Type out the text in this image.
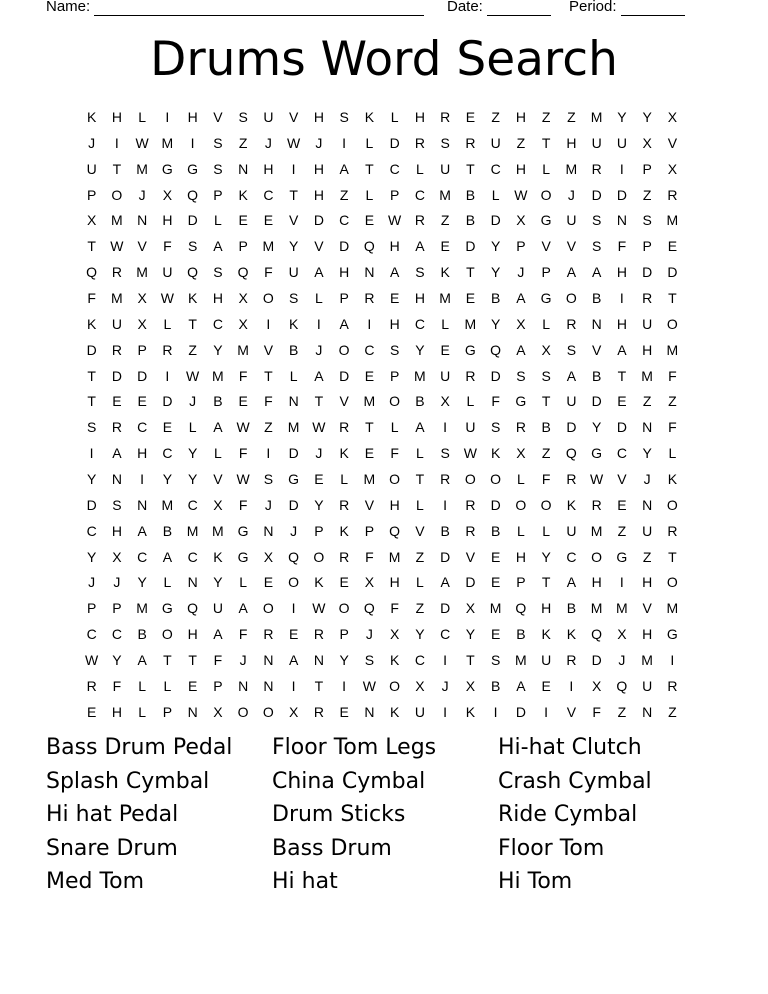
Name:	Date:	Period:
Drums Word Search
K	H	L	I	H	V	S	U	V	H	S	K	L	H	R	E	Z	H	Z	Z	M	Y	Y	X
J	I	W M	I	S	Z	J	W	J	I	L	D	R	S	R	U	Z	T	H	U	U	X	V
U	T	M G	G	S	N	H	I	H	A	T	C	L	U	T	C	H	L	M	R	I	P	X
P	O	J	X	Q	P	K	C	T	H	Z	L	P	C	M	B	L	W O	J	D	D	Z	R
X	M	N	H	D	L	E	E	V	D	C	E W R	Z	B	D	X	G	U	S	N	S	M
T	W V	F	S	A	P	M	Y	V	D	Q	H	A	E	D	Y	P	V	V	S	F	P	E
Q	R	M	U	Q	S	Q	F	U	A	H	N	A	S	K	T	Y	J	P	A	A	H	D	D
F	M	X W K	H	X	O	S	L	P	R	E	H	M	E	B	A	G	O	B	I	R	T
K	U	X	L	T	C	X	I	K	I	A	I	H	C	L	M	Y	X	L	R	N	H	U	O
D	R	P	R	Z	Y	M	V	B	J	O	C	S	Y	E	G	Q	A	X	S	V	A	H	M
T	D	D	I	W M	F	T	L	A	D	E	P	M	U	R	D	S	S	A	B	T	M	F
T	E	E	D	J	B	E	F	N	T	V	M O	B	X	L	F	G	T	U	D	E	Z	Z
S	R	C	E	L	A W	Z	M W R	T	L	A	I	U	S	R	B	D	Y	D	N	F
I	A	H	C	Y	L	F	I	D	J	K	E	F	L	S W K	X	Z	Q	G	C	Y	L
Y	N	I	Y	Y	V W S	G	E	L	M O	T	R	O	O	L	F	R W V	J	K
D	S	N	M	C	X	F	J	D	Y	R	V	H	L	I	R	D	O	O	K	R	E	N	O
C	H	A	B	M M G	N	J	P	K	P	Q	V	B	R	B	L	L	U	M	Z	U	R
Y	X	C	A	C	K	G	X	Q	O	R	F	M	Z	D	V	E	H	Y	C	O	G	Z	T
J	J	Y	L	N	Y	L	E	O	K	E	X	H	L	A	D	E	P	T	A	H	I	H	O
P	P	M G	Q	U	A	O	I	W O	Q	F	Z	D	X	M Q	H	B	M M	V	M
C	C	B	O	H	A	F	R	E	R	P	J	X	Y	C	Y	E	B	K	K	Q	X	H	G
W Y	A	T	T	F	J	N	A	N	Y	S	K	C	I	T	S	M	U	R	D	J	M	I
R	F	L	L	E	P	N	N	I	T	I	W O	X	J	X	B	A	E	I	X	Q	U	R
E	H	L	P	N	X	O	O	X	R	E	N	K	U	I	K	I	D	I	V	F	Z	N	Z
Bass Drum Pedal	Floor Tom Legs	Hi-hat Clutch
Splash Cymbal	China Cymbal	Crash Cymbal
Hi hat Pedal	Drum Sticks	Ride Cymbal
Snare Drum	Bass Drum	Floor Tom
Med Tom	Hi hat	Hi Tom
